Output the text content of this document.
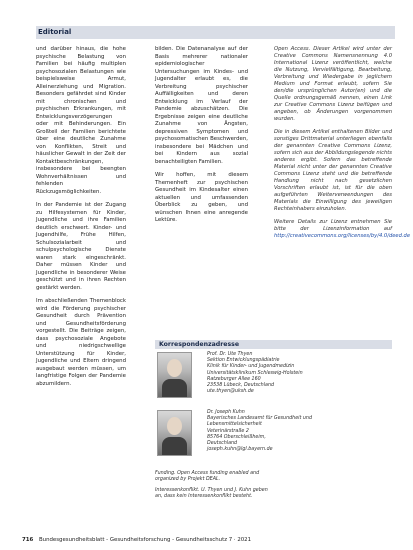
Editorial

und darüber hinaus, die hohe psychische Belastung von Familien bei häufig multiplen psychosozialen Belastungen wie beispielsweise Armut, Alleinerziehung und Migration. Besonders gefährdet sind Kinder mit chronischen und psychischen Erkrankungen, mit Entwicklungsverzögerungen oder mit Behinderungen. Ein Großteil der Familien berichtete über eine deutliche Zunahme von Konflikten, Streit und häuslicher Gewalt in der Zeit der Kontaktbeschränkungen, insbesondere bei beengten Wohnverhältnissen und fehlenden Rückzugsmöglichkeiten.

In der Pandemie ist der Zugang zu Hilfesystemen für Kinder, Jugendliche und ihre Familien deutlich erschwert. Kinder- und Jugendhilfe, Frühe Hilfen, Schulsozialarbeit und schulpsychologische Dienste waren stark eingeschränkt. Daher müssen Kinder und Jugendliche in besonderer Weise geschützt und in ihren Rechten gestärkt werden.

Im abschließenden Themenblock wird die Förderung psychischer Gesundheit durch Prävention und Gesundheitsförderung vorgestellt. Die Beiträge zeigen, dass psychosoziale Angebote und niedrigschwellige Unterstützung für Kinder, Jugendliche und Eltern dringend ausgebaut werden müssen, um langfristige Folgen der Pandemie abzumildern.

bilden. Die Datenanalyse auf der Basis mehrerer nationaler epidemiologischer Untersuchungen im Kindes- und Jugendalter erlaubt es, die Verbreitung psychischer Auffälligkeiten und deren Entwicklung im Verlauf der Pandemie abzuschätzen. Die Ergebnisse zeigen eine deutliche Zunahme von Ängsten, depressiven Symptomen und psychosomatischen Beschwerden, insbesondere bei Mädchen und bei Kindern aus sozial benachteiligten Familien.

Wir hoffen, mit diesem Themenheft zur psychischen Gesundheit im Kindesalter einen aktuellen und umfassenden Überblick zu geben, und wünschen Ihnen eine anregende Lektüre.

Open Access. Dieser Artikel wird unter der Creative Commons Namensnennung 4.0 International Lizenz veröffentlicht, welche die Nutzung, Vervielfältigung, Bearbeitung, Verbreitung und Wiedergabe in jeglichem Medium und Format erlaubt, sofern Sie den/die ursprünglichen Autor(en) und die Quelle ordnungsgemäß nennen, einen Link zur Creative Commons Lizenz beifügen und angeben, ob Änderungen vorgenommen wurden.

Die in diesem Artikel enthaltenen Bilder und sonstiges Drittmaterial unterliegen ebenfalls der genannten Creative Commons Lizenz, sofern sich aus der Abbildungslegende nichts anderes ergibt. Sofern das betreffende Material nicht unter der genannten Creative Commons Lizenz steht und die betreffende Handlung nicht nach gesetzlichen Vorschriften erlaubt ist, ist für die oben aufgeführten Weiterverwendungen des Materials die Einwilligung des jeweiligen Rechteinhabers einzuholen.

Weitere Details zur Lizenz entnehmen Sie bitte der Lizenzinformation auf http://creativecommons.org/licenses/by/4.0/deed.de

Korrespondenzadresse
Prof. Dr. Ute Thyen
Sektion Entwicklungspädiatrie
Klinik für Kinder- und Jugendmedizin
Universitätsklinikum Schleswig-Holstein
Ratzeburger Allee 160
23538 Lübeck, Deutschland
ute.thyen@uksh.de
Dr. Joseph Kuhn
Bayerisches Landesamt für Gesundheit und
Lebensmittelsicherheit
Veterinärstraße 2
85764 Oberschleißheim,
Deutschland
joseph.kuhn@lgl.bayern.de
Funding. Open Access funding enabled and organized by Projekt DEAL.
Interessenkonflikt. U. Thyen und J. Kuhn geben an, dass kein Interessenkonflikt besteht.
716 Bundesgesundheitsblatt - Gesundheitsforschung - Gesundheitsschutz 7 · 2021
